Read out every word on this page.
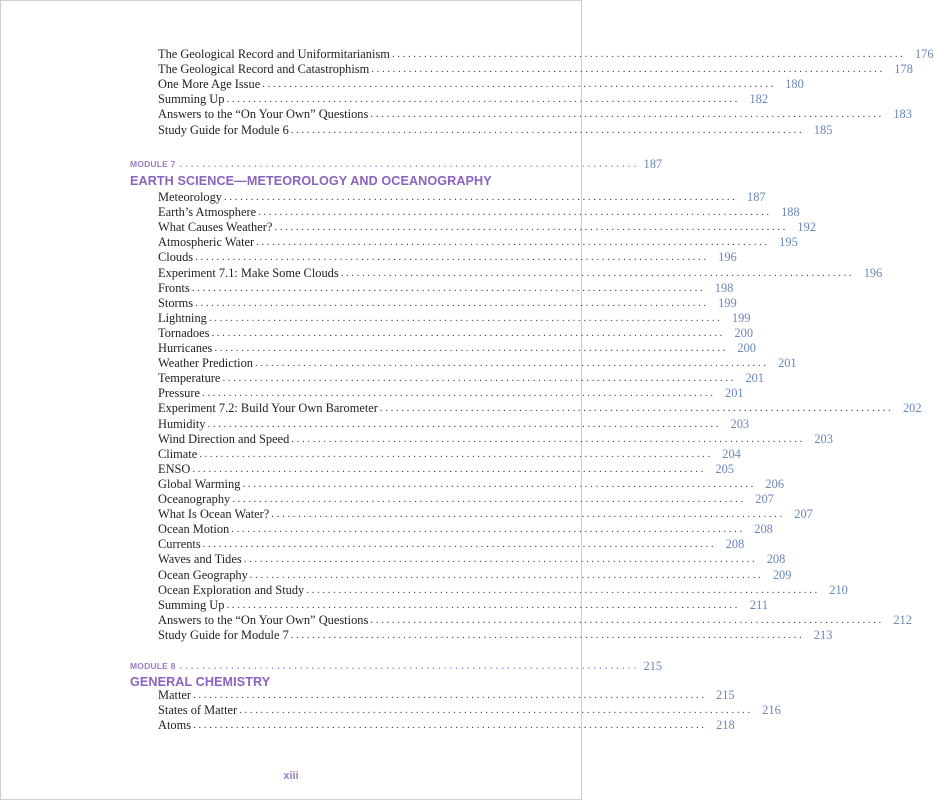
The Geological Record and Uniformitarianism ................................................................................................ 176
The Geological Record and Catastrophism ................................................................................................ 178
One More Age Issue ................................................................................................ 180
Summing Up ................................................................................................ 182
Answers to the “On Your Own” Questions ................................................................................................ 183
Study Guide for Module 6 ................................................................................................ 185
MODULE 7 ................................................................................ 187
EARTH SCIENCE—METEOROLOGY AND OCEANOGRAPHY
Meteorology ................................................................................................ 187
Earth’s Atmosphere ................................................................................................ 188
What Causes Weather? ................................................................................................ 192
Atmospheric Water ................................................................................................ 195
Clouds ................................................................................................ 196
Experiment 7.1: Make Some Clouds ................................................................................................ 196
Fronts ................................................................................................ 198
Storms ................................................................................................ 199
Lightning ................................................................................................ 199
Tornadoes ................................................................................................ 200
Hurricanes ................................................................................................ 200
Weather Prediction ................................................................................................ 201
Temperature ................................................................................................ 201
Pressure ................................................................................................ 201
Experiment 7.2: Build Your Own Barometer ................................................................................................ 202
Humidity ................................................................................................ 203
Wind Direction and Speed ................................................................................................ 203
Climate ................................................................................................ 204
ENSO ................................................................................................ 205
Global Warming ................................................................................................ 206
Oceanography ................................................................................................ 207
What Is Ocean Water? ................................................................................................ 207
Ocean Motion ................................................................................................ 208
Currents ................................................................................................ 208
Waves and Tides ................................................................................................ 208
Ocean Geography ................................................................................................ 209
Ocean Exploration and Study ................................................................................................ 210
Summing Up ................................................................................................ 211
Answers to the “On Your Own” Questions ................................................................................................ 212
Study Guide for Module 7 ................................................................................................ 213
MODULE 8 ................................................................................ 215
GENERAL CHEMISTRY
Matter ................................................................................................ 215
States of Matter ................................................................................................ 216
Atoms ................................................................................................ 218
xiii
